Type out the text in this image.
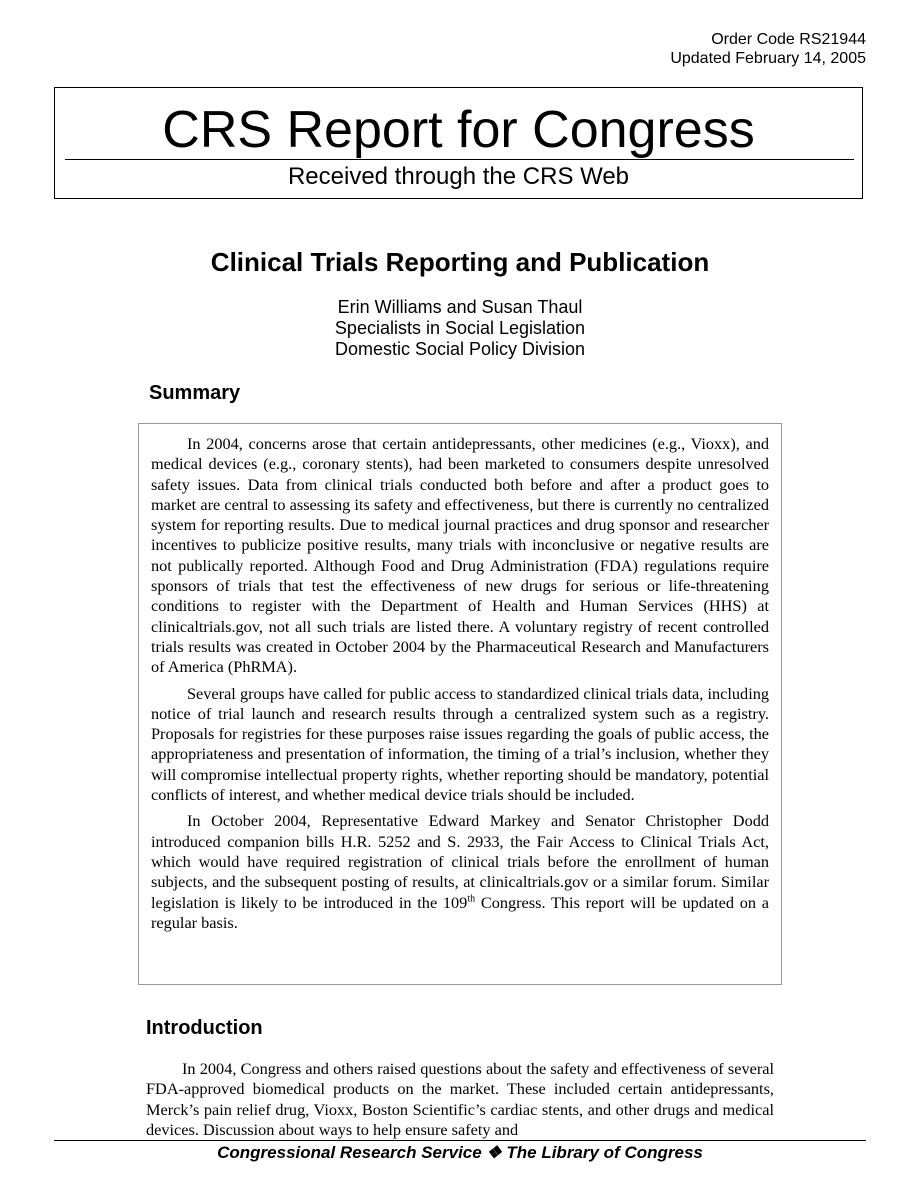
Order Code RS21944
Updated February 14, 2005
CRS Report for Congress
Received through the CRS Web
Clinical Trials Reporting and Publication
Erin Williams and Susan Thaul
Specialists in Social Legislation
Domestic Social Policy Division
Summary

In 2004, concerns arose that certain antidepressants, other medicines (e.g., Vioxx), and medical devices (e.g., coronary stents), had been marketed to consumers despite unresolved safety issues. Data from clinical trials conducted both before and after a product goes to market are central to assessing its safety and effectiveness, but there is currently no centralized system for reporting results. Due to medical journal practices and drug sponsor and researcher incentives to publicize positive results, many trials with inconclusive or negative results are not publically reported. Although Food and Drug Administration (FDA) regulations require sponsors of trials that test the effectiveness of new drugs for serious or life-threatening conditions to register with the Department of Health and Human Services (HHS) at clinicaltrials.gov, not all such trials are listed there. A voluntary registry of recent controlled trials results was created in October 2004 by the Pharmaceutical Research and Manufacturers of America (PhRMA).

Several groups have called for public access to standardized clinical trials data, including notice of trial launch and research results through a centralized system such as a registry. Proposals for registries for these purposes raise issues regarding the goals of public access, the appropriateness and presentation of information, the timing of a trial’s inclusion, whether they will compromise intellectual property rights, whether reporting should be mandatory, potential conflicts of interest, and whether medical device trials should be included.

In October 2004, Representative Edward Markey and Senator Christopher Dodd introduced companion bills H.R. 5252 and S. 2933, the Fair Access to Clinical Trials Act, which would have required registration of clinical trials before the enrollment of human subjects, and the subsequent posting of results, at clinicaltrials.gov or a similar forum. Similar legislation is likely to be introduced in the 109th Congress. This report will be updated on a regular basis.

Introduction

In 2004, Congress and others raised questions about the safety and effectiveness of several FDA-approved biomedical products on the market. These included certain antidepressants, Merck’s pain relief drug, Vioxx, Boston Scientific’s cardiac stents, and other drugs and medical devices. Discussion about ways to help ensure safety and

Congressional Research Service ❖ The Library of Congress
